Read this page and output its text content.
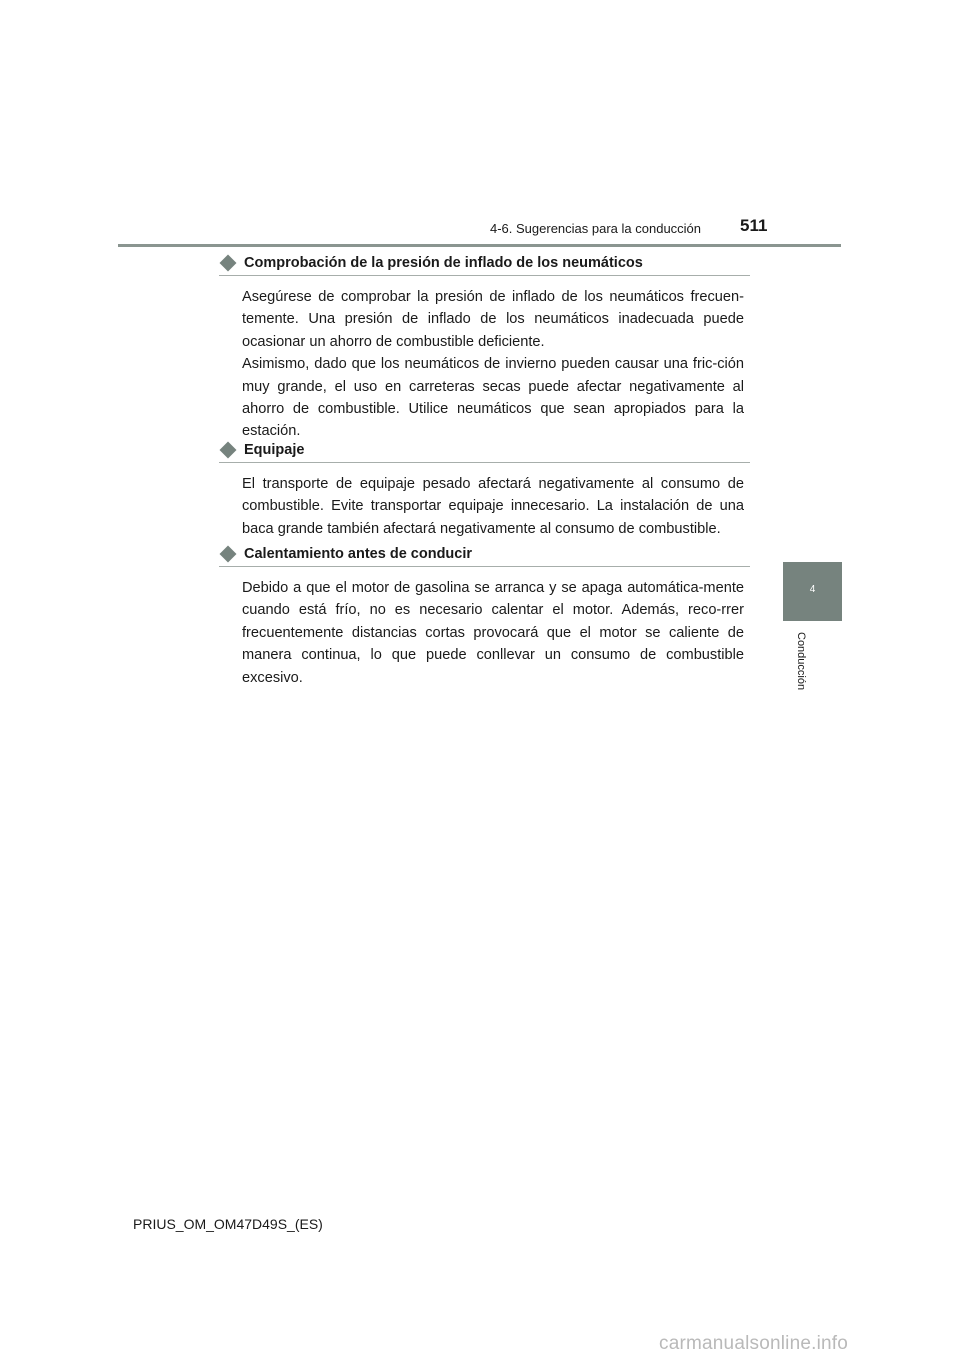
4-6. Sugerencias para la conducción 511
4
Conducción
Comprobación de la presión de inflado de los neumáticos

Asegúrese de comprobar la presión de inflado de los neumáticos frecuen-temente. Una presión de inflado de los neumáticos inadecuada puede ocasionar un ahorro de combustible deficiente.

Asimismo, dado que los neumáticos de invierno pueden causar una fric-ción muy grande, el uso en carreteras secas puede afectar negativamente al ahorro de combustible. Utilice neumáticos que sean apropiados para la estación.

Equipaje

El transporte de equipaje pesado afectará negativamente al consumo de combustible. Evite transportar equipaje innecesario. La instalación de una baca grande también afectará negativamente al consumo de combustible.

Calentamiento antes de conducir

Debido a que el motor de gasolina se arranca y se apaga automática-mente cuando está frío, no es necesario calentar el motor. Además, reco-rrer frecuentemente distancias cortas provocará que el motor se caliente de manera continua, lo que puede conllevar un consumo de combustible excesivo.

PRIUS_OM_OM47D49S_(ES)
carmanualsonline.info
